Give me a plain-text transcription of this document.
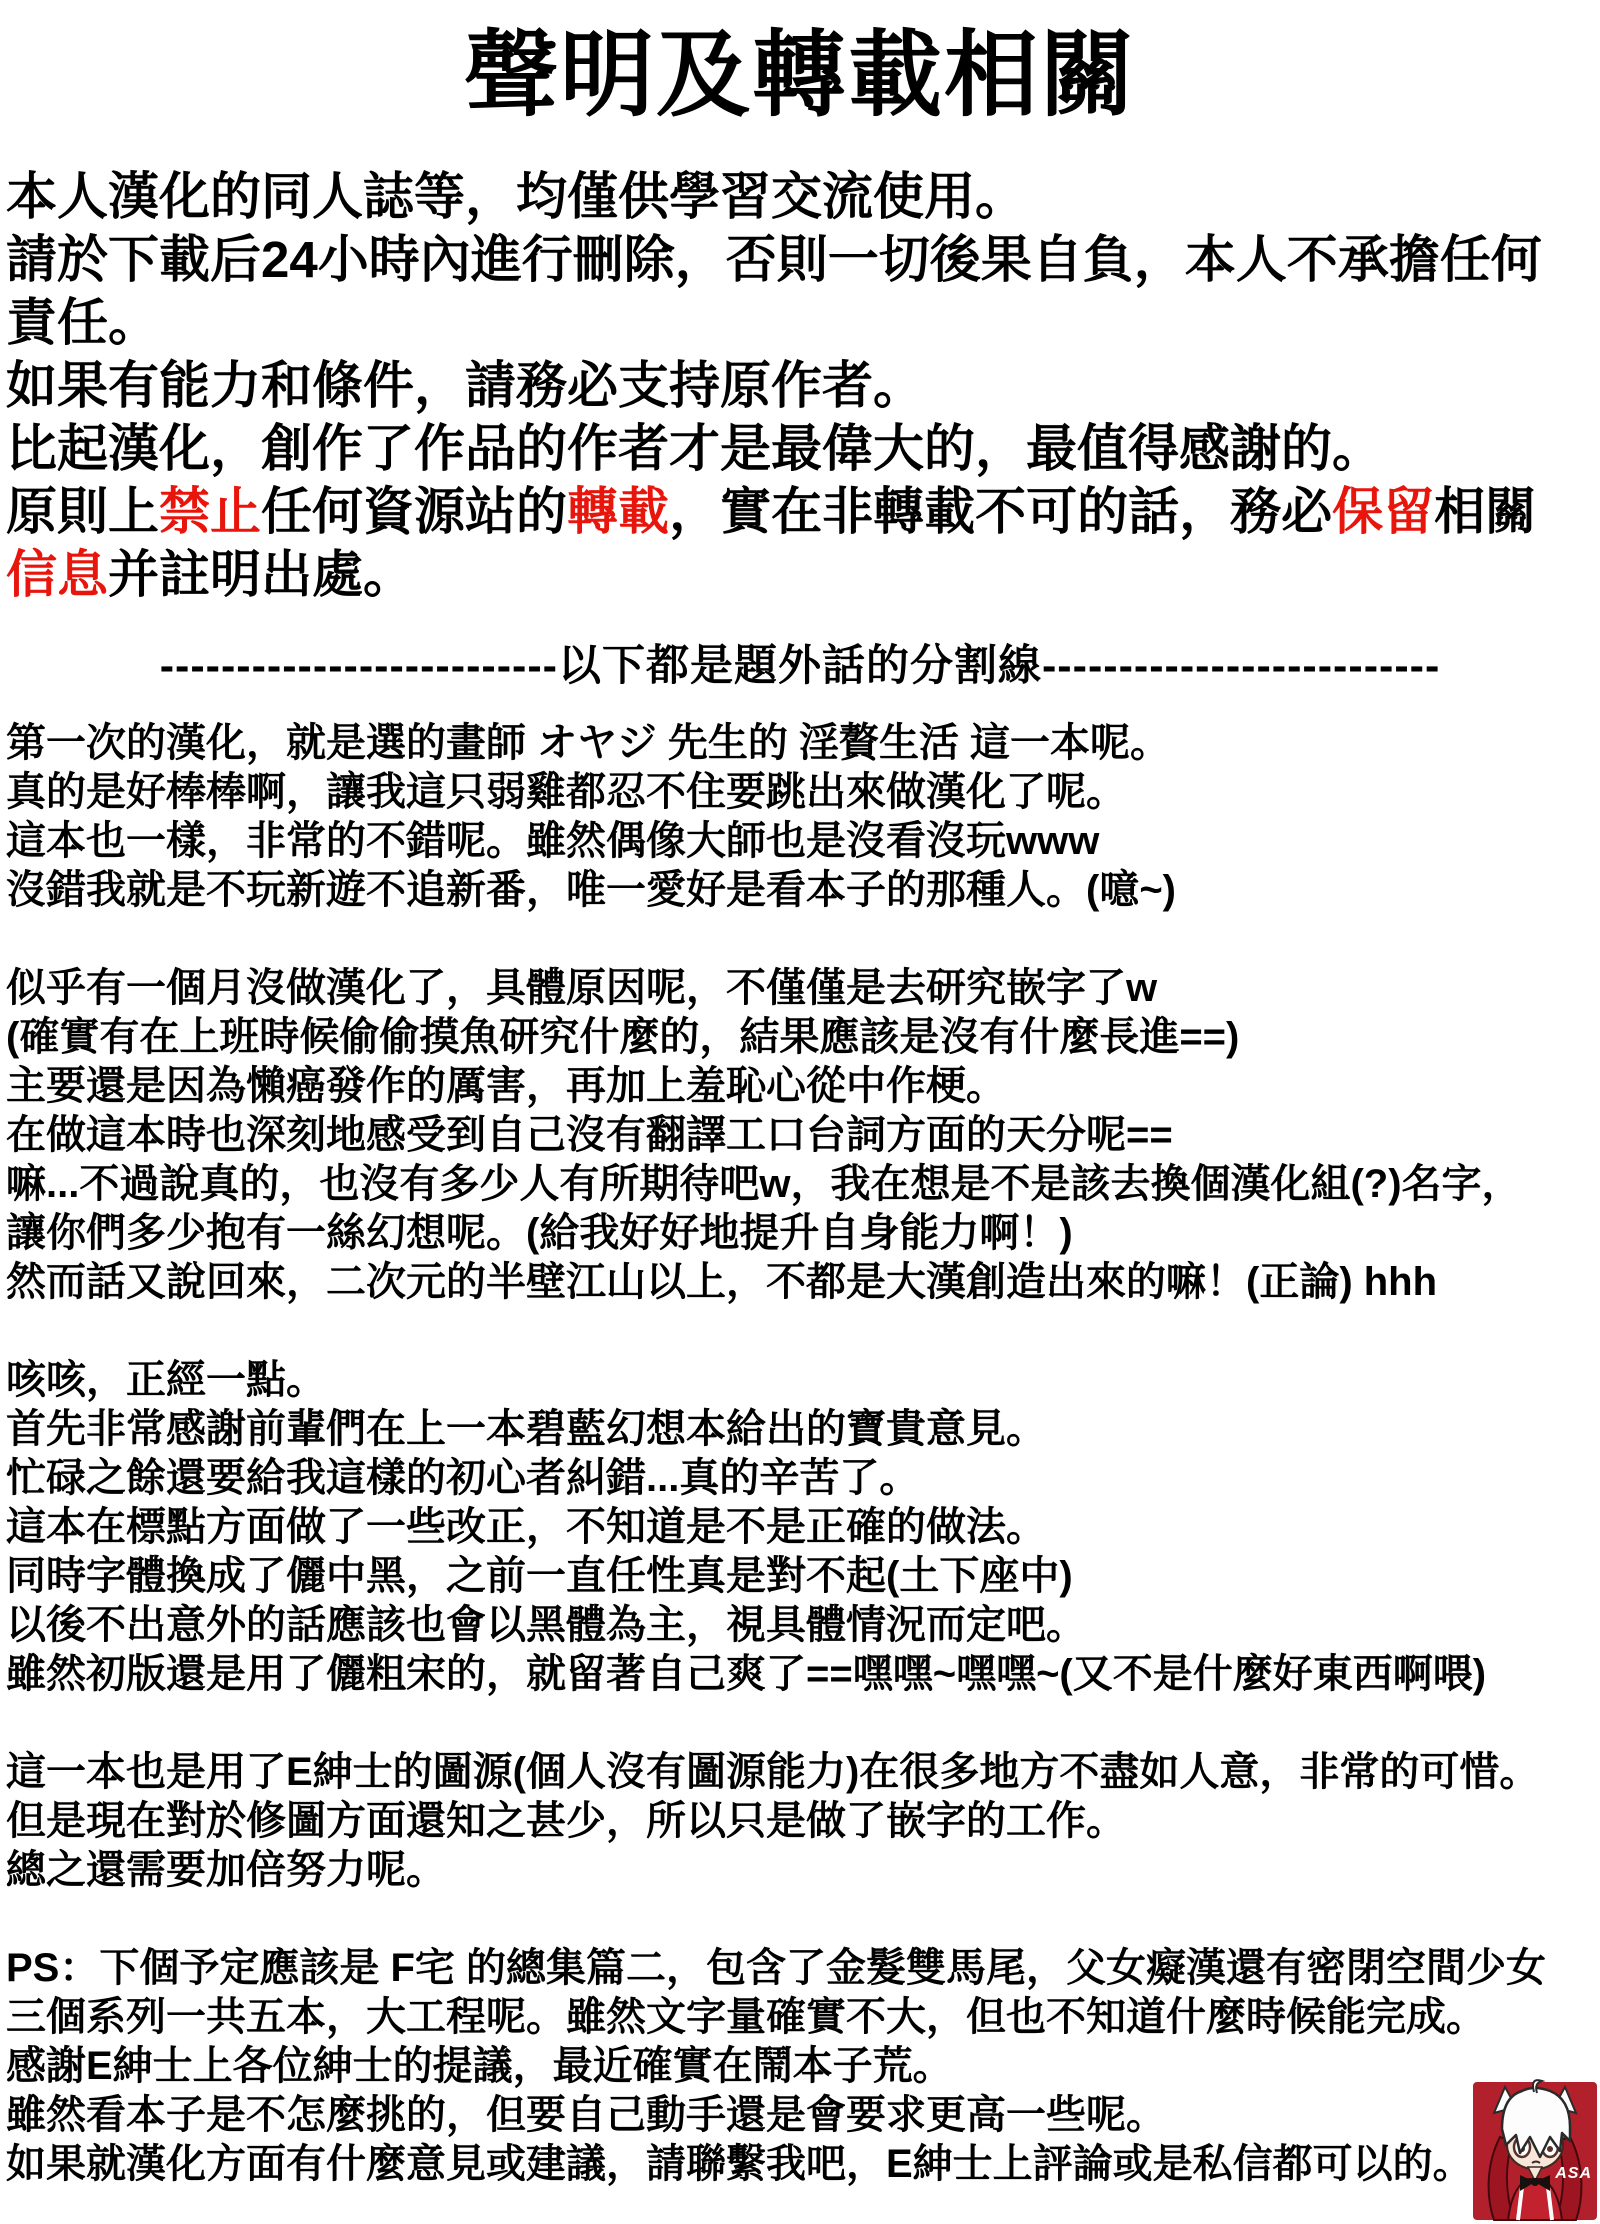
聲明及轉載相關
本人漢化的同人誌等，均僅供學習交流使用。
請於下載后24小時內進行刪除，否則一切後果自負，本人不承擔任何
責任。
如果有能力和條件，請務必支持原作者。
比起漢化，創作了作品的作者才是最偉大的，最值得感謝的。
原則上禁止任何資源站的轉載，實在非轉載不可的話，務必保留相關
信息并註明出處。
--------------------------以下都是題外話的分割線--------------------------
第一次的漢化，就是選的畫師 オヤジ 先生的 淫贅生活 這一本呢。
真的是好棒棒啊，讓我這只弱雞都忍不住要跳出來做漢化了呢。
這本也一樣，非常的不錯呢。雖然偶像大師也是沒看沒玩www
沒錯我就是不玩新遊不追新番，唯一愛好是看本子的那種人。(噫~)
似乎有一個月沒做漢化了，具體原因呢，不僅僅是去研究嵌字了w
(確實有在上班時候偷偷摸魚研究什麼的，結果應該是沒有什麼長進==)
主要還是因為懶癌發作的厲害，再加上羞恥心從中作梗。
在做這本時也深刻地感受到自己沒有翻譯工口台詞方面的天分呢==
嘛...不過說真的，也沒有多少人有所期待吧w，我在想是不是該去換個漢化組(?)名字，
讓你們多少抱有一絲幻想呢。(給我好好地提升自身能力啊！)
然而話又說回來，二次元的半壁江山以上，不都是大漢創造出來的嘛！(正論) hhh
咳咳，正經一點。
首先非常感謝前輩們在上一本碧藍幻想本給出的寶貴意見。
忙碌之餘還要給我這樣的初心者糾錯...真的辛苦了。
這本在標點方面做了一些改正，不知道是不是正確的做法。
同時字體換成了儷中黑，之前一直任性真是對不起(土下座中)
以後不出意外的話應該也會以黑體為主，視具體情況而定吧。
雖然初版還是用了儷粗宋的，就留著自己爽了==嘿嘿~嘿嘿~(又不是什麼好東西啊喂)
這一本也是用了E紳士的圖源(個人沒有圖源能力)在很多地方不盡如人意，非常的可惜。
但是現在對於修圖方面還知之甚少，所以只是做了嵌字的工作。
總之還需要加倍努力呢。
PS：下個予定應該是 F宅 的總集篇二，包含了金髮雙馬尾，父女癡漢還有密閉空間少女
三個系列一共五本，大工程呢。雖然文字量確實不大，但也不知道什麼時候能完成。
感謝E紳士上各位紳士的提議，最近確實在鬧本子荒。
雖然看本子是不怎麼挑的，但要自己動手還是會要求更高一些呢。
如果就漢化方面有什麼意見或建議，請聯繫我吧，E紳士上評論或是私信都可以的。	ASA
